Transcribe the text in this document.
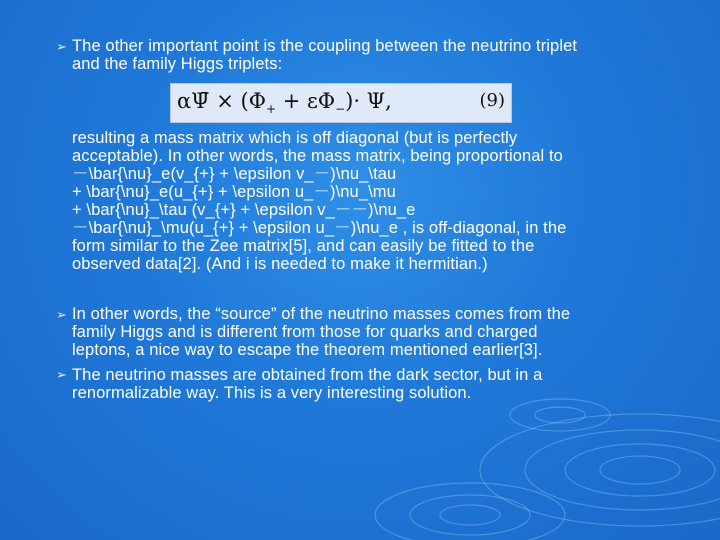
➢ The other important point is the coupling between the neutrino triplet
and the family Higgs triplets:
αΨ̄ × $(\Phi_+ + \varepsilon\Phi_-)\cdot \Psi$,	(9)
resulting a mass matrix which is off diagonal (but is perfectly
acceptable). In other words, the mass matrix, being proportional to
－\bar{\nu}_e(v_{+} + \epsilon v_－)\nu_\tau
+ \bar{\nu}_e(u_{+} + \epsilon u_－)\nu_\mu
+ \bar{\nu}_\tau (v_{+} + \epsilon v_－－)\nu_e
－\bar{\nu}_\mu(u_{+} + \epsilon u_－)\nu_e , is off-diagonal, in the
form similar to the Zee matrix[5], and can easily be fitted to the
observed data[2]. (And i is needed to make it hermitian.)
➢ In other words, the “source” of the neutrino masses comes from the
family Higgs and is different from those for quarks and charged
leptons, a nice way to escape the theorem mentioned earlier[3].
➢ The neutrino masses are obtained from the dark sector, but in a
renormalizable way. This is a very interesting solution.
